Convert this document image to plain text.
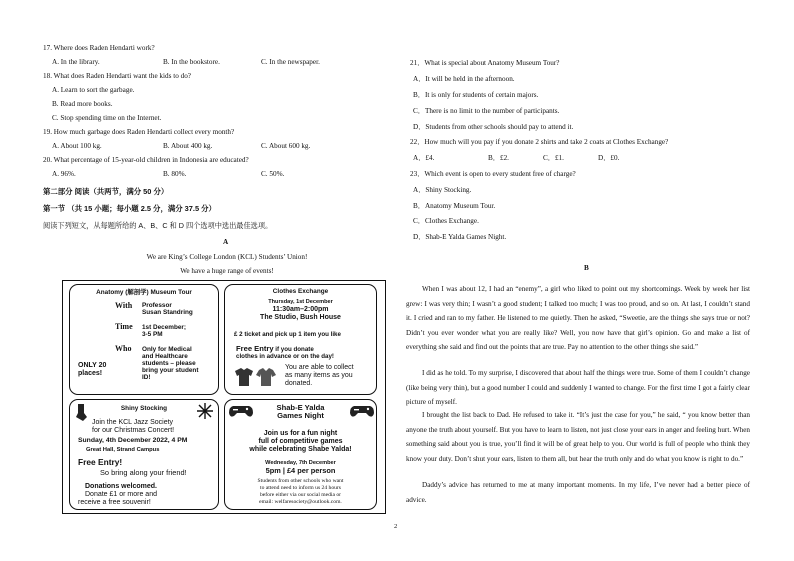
17. Where does Raden Hendarti work?
A. In the library.	B. In the bookstore.	C. In the newspaper.
18. What does Raden Hendarti want the kids to do?
A. Learn to sort the garbage.
B. Read more books.
C. Stop spending time on the Internet.
19. How much garbage does Raden Hendarti collect every month?
A. About 100 kg.	B. About 400 kg.	C. About 600 kg.
20. What percentage of 15-year-old children in Indonesia are educated?
A. 96%.	B. 80%.	C. 50%.
第二部分 阅读（共两节，满分 50 分）
第一节 （共 15 小题；每小题 2.5 分，满分 37.5 分）
阅读下列短文，从每题所给的 A、B、C 和 D 四个选项中选出最佳选项。
A
We are King’s College London (KCL) Students’ Union!
We have a huge range of events!
Anatomy (解剖学) Museum Tour
With Professor
Susan Standring
Time 1st December;
3-5 PM
Who Only for Medical
and Healthcare
students – please
bring your student
ID!
ONLY 20
places!
Clothes Exchange
Thursday, 1st December
11:30am–2:00pm
The Studio, Bush House
£ 2 ticket and pick up 1 item you like
Free Entry if you donate
clothes in advance or on the day!
You are able to collect
as many items as you
donated.
Shiny Stocking
Join the KCL Jazz Society
for our Christmas Concert!
Sunday, 4th December 2022, 4 PM
Great Hall, Strand Campus
Free Entry!
So bring along your friend!
Donations welcomed.
Donate £1 or more and
receive a free souvenir!
Shab-E Yalda
Games Night
Join us for a fun night
full of competitive games
while celebrating Shabe Yalda!
Wednesday, 7th December
5pm | £4 per person
Students from other schools who want
to attend need to inform us 24 hours
before either via our social media or
email: welfaresociety@outlook.com.
21．What is special about Anatomy Museum Tour?
A．It will be held in the afternoon.
B．It is only for students of certain majors.
C．There is no limit to the number of participants.
D．Students from other schools should pay to attend it.
22．How much will you pay if you donate 2 shirts and take 2 coats at Clothes Exchange?
A．£4.	B．£2.	C．£1.	D．£0.
23．Which event is open to every student free of charge?
A．Shiny Stocking.
B．Anatomy Museum Tour.
C．Clothes Exchange.
D．Shab-E Yalda Games Night.
B
When I was about 12, I had an “enemy”, a girl who liked to point out my shortcomings. Week by week her list grew: I was very thin; I wasn’t a good student; I talked too much; I was too proud, and so on. At last, I couldn’t stand it. I cried and ran to my father. He listened to me quietly. Then he asked, “Sweetie, are the things she says true or not? Didn’t you ever wonder what you are really like? Well, you now have that girl’s opinion. Go and make a list of everything she said and find out the points that are true. Pay no attention to the other things she said.”
I did as he told. To my surprise, I discovered that about half the things were true. Some of them I couldn’t change (like being very thin), but a good number I could and suddenly I wanted to change. For the first time I got a fairly clear picture of myself.
I brought the list back to Dad. He refused to take it. “It’s just the case for you,” he said, “ you know better than anyone the truth about yourself. But you have to learn to listen, not just close your ears in anger and feeling hurt. When something said about you is true, you’ll find it will be of great help to you. Our world is full of people who think they know your duty. Don’t shut your ears, listen to them all, but hear the truth only and do what you know is right to do.”
Daddy’s advice has returned to me at many important moments. In my life, I’ve never had a better piece of advice.
2
